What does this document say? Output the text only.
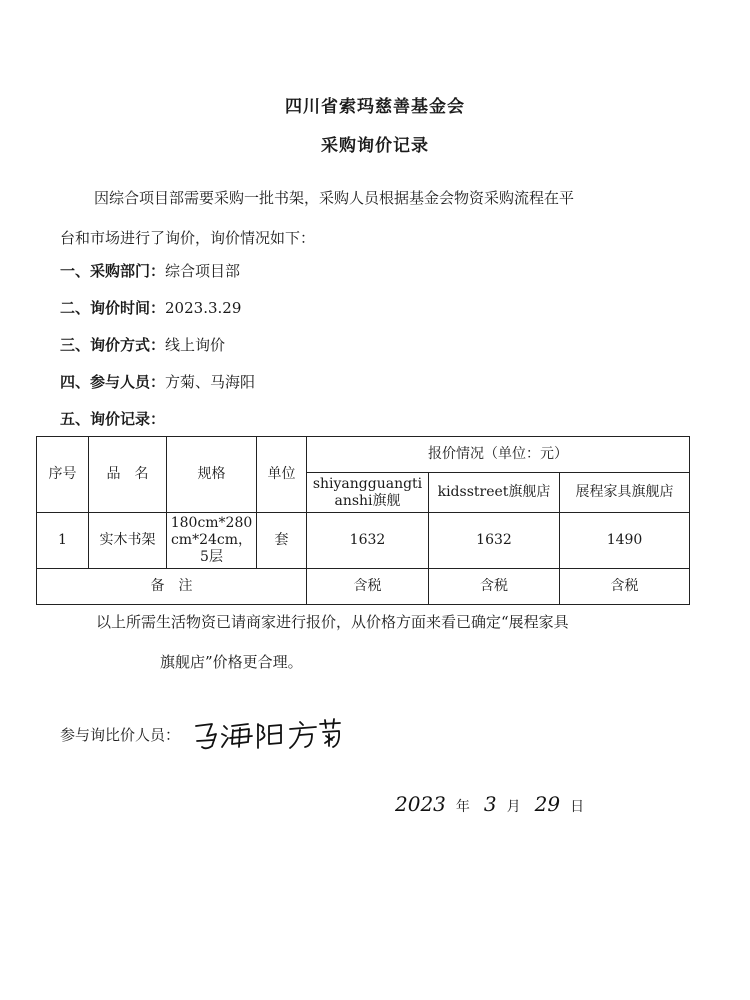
四川省索玛慈善基金会
采购询价记录
因综合项目部需要采购一批书架，采购人员根据基金会物资采购流程在平
台和市场进行了询价，询价情况如下：
一、采购部门：综合项目部
二、询价时间：2023.3.29
三、询价方式：线上询价
四、参与人员：方菊、马海阳
五、询价记录：
序号	品　名	规格	单位	报价情况（单位：元）		
				shiyangguangtianshi旗舰	kidsstreet旗舰店	展程家具旗舰店
1	实木书架	180cm*280cm*24cm，5层	套	1632	1632	1490
备　注				含税	含税	含税
以上所需生活物资已请商家进行报价，从价格方面来看已确定“展程家具
旗舰店”价格更合理。
参与询比价人员：
2023 年 3 月 29 日
